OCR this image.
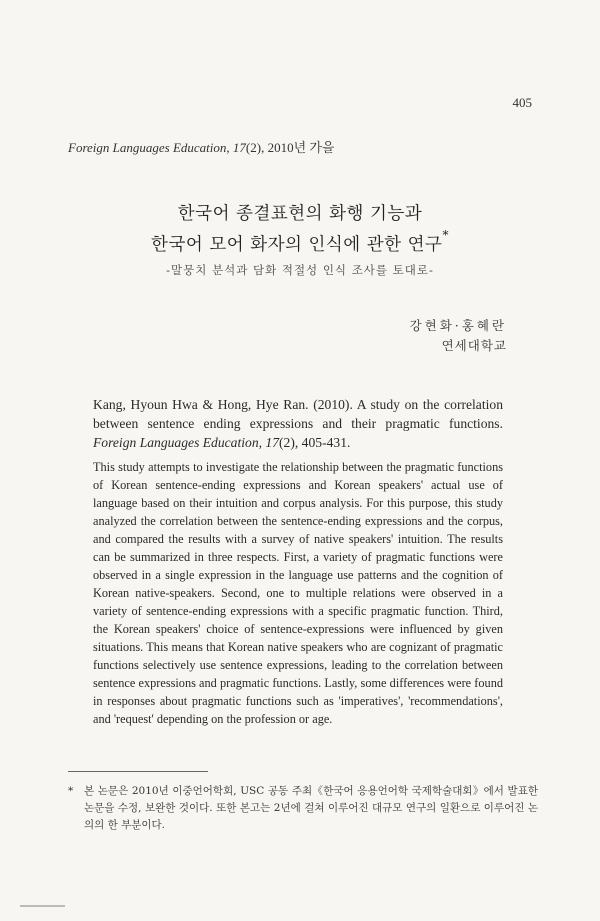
405
Foreign Languages Education, 17(2), 2010년 가을
한국어 종결표현의 화행 기능과
한국어 모어 화자의 인식에 관한 연구*
-말뭉치 분석과 담화 적절성 인식 조사를 토대로-
강현화·홍혜란
연세대학교
Kang, Hyoun Hwa & Hong, Hye Ran. (2010). A study on the correlation between sentence ending expressions and their pragmatic functions. Foreign Languages Education, 17(2), 405-431.
This study attempts to investigate the relationship between the pragmatic functions of Korean sentence-ending expressions and Korean speakers' actual use of language based on their intuition and corpus analysis. For this purpose, this study analyzed the correlation between the sentence-ending expressions and the corpus, and compared the results with a survey of native speakers' intuition. The results can be summarized in three respects. First, a variety of pragmatic functions were observed in a single expression in the language use patterns and the cognition of Korean native-speakers. Second, one to multiple relations were observed in a variety of sentence-ending expressions with a specific pragmatic function. Third, the Korean speakers' choice of sentence-expressions were influenced by given situations. This means that Korean native speakers who are cognizant of pragmatic functions selectively use sentence expressions, leading to the correlation between sentence expressions and pragmatic functions. Lastly, some differences were found in responses about pragmatic functions such as 'imperatives', 'recommendations', and 'request' depending on the profession or age.
* 본 논문은 2010년 이중언어학회, USC 공동 주최《한국어 응용언어학 국제학술대회》에서 발표한 논문을 수정, 보완한 것이다. 또한 본고는 2년에 걸쳐 이루어진 대규모 연구의 일환으로 이루어진 논의의 한 부분이다.
